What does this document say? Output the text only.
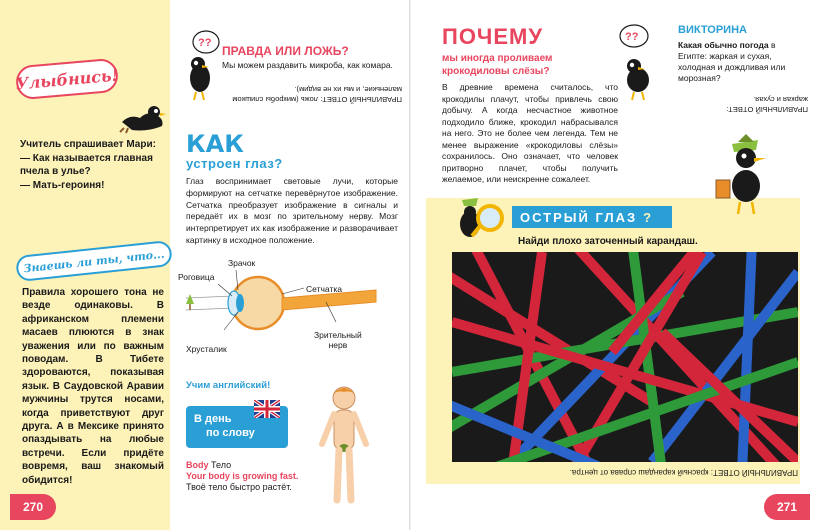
Улыбнись!

Учитель спрашивает Мари:

— Как называется главная пчела в улье?

— Мать-героиня!

Знаешь ли ты, что...
Правила хорошего тона не везде одинаковы. В африканском племени масаев плюются в знак уважения или по важным поводам. В Тибете здороваются, показывая язык. В Саудовской Аравии мужчины трутся носами, когда приветствуют друг друга. А в Мексике принято опаздывать на любые встречи. Если придёте вовремя, ваш знакомый обидится!
??
ПРАВДА ИЛИ ЛОЖЬ?
Мы можем раздавить микроба, как комара.
ПРАВИЛЬНЫЙ ОТВЕТ: ложь (микробы слишком маленькие, и мы их не видим).
КАК
устроен глаз?
Глаз воспринимает световые лучи, которые формируют на сетчатке перевёрнутое изображение. Сетчатка преобразует изображение в сигналы и передаёт их в мозг по зрительному нерву. Мозг интерпретирует их как изображение и разворачивает картинку в исходное положение.
Зрачок
Роговица
Сетчатка
Хрусталик
Зрительный
нерв
Учим английский!
В день
по слову
Body Тело
Your body is growing fast.
Твоё тело быстро растёт.
ПОЧЕМУ
мы иногда проливаем крокодиловы слёзы?
В древние времена считалось, что крокодилы плачут, чтобы привлечь свою добычу. А когда несчастное животное подходило ближе, крокодил набрасывался на него. Это не более чем легенда. Тем не менее выражение «крокодиловы слёзы» сохранилось. Оно означает, что человек притворно плачет, чтобы получить желаемое, или неискренне сожалеет.
??
ВИКТОРИНА
Какая обычно погода в Египте: жаркая и сухая, холодная и дождливая или морозная?
ПРАВИЛЬНЫЙ ОТВЕТ: жаркая и сухая.
ОСТРЫЙ ГЛАЗ ?
Найди плохо заточенный карандаш.
ПРАВИЛЬНЫЙ ОТВЕТ: красный карандаш справа от центра.
270	271
